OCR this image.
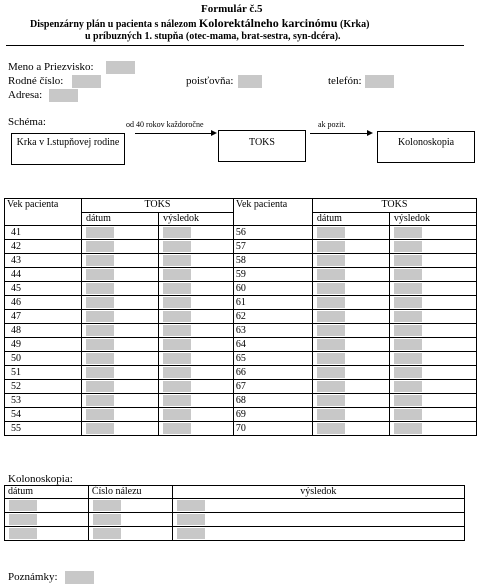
Formulár č.5
Dispenzárny plán u pacienta s nálezom Kolorektálneho karcinómu (Krka)
u príbuzných 1. stupňa (otec-mama, brat-sestra, syn-dcéra).
Meno a Priezvisko:
Rodné číslo:	poisťovňa:	telefón:
Adresa:
Schéma:
Krka v I.stupňovej rodine
od 40 rokov každoročne
TOKS
ak pozit.
Kolonoskopia
Vek pacienta	TOKS		Vek pacienta	TOKS	
	dátum	výsledok		dátum	výsledok
41			56	

42			57	

43			58	

44			59	

45			60	

46			61	

47			62	

48			63	

49			64	

50			65	

51			66	

52			67	

53			68	

54			69	

55			70	

Kolonoskopia:
dátum	Číslo nálezu	výsledok

Poznámky:
